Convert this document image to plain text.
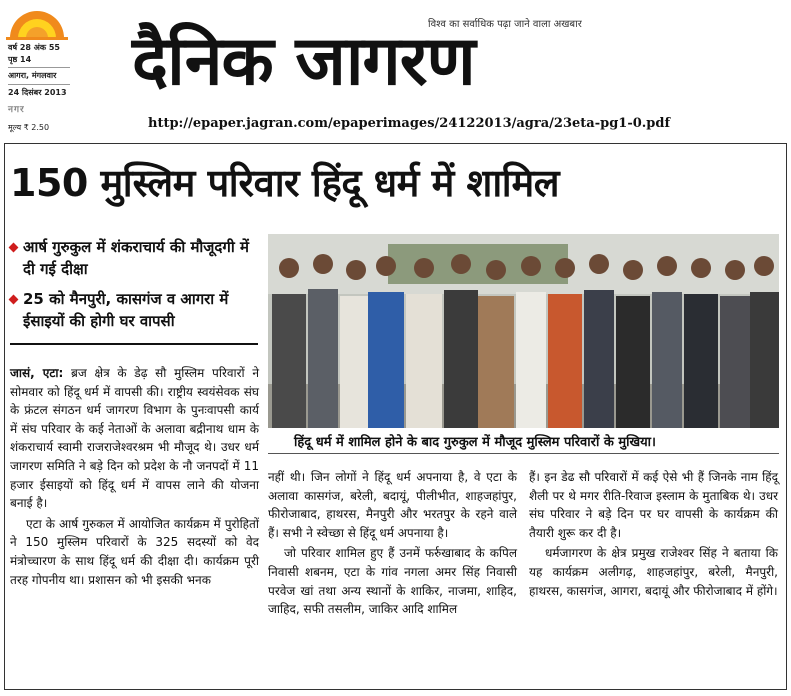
वर्ष 28 अंक 55
पृष्ठ 14
आगरा, मंगलवार
24 दिसंबर 2013
नगर
मूल्य ₹ 2.50
विश्व का सर्वाधिक पढ़ा जाने वाला अखबार
दैनिक जागरण
http://epaper.jagran.com/epaperimages/24122013/agra/23eta-pg1-0.pdf
150 मुस्लिम परिवार हिंदू धर्म में शामिल
आर्ष गुरुकुल में शंकराचार्य की मौजूदगी में दी गई दीक्षा
25 को मैनपुरी, कासगंज व आगरा में ईसाइयों की होगी घर वापसी
हिंदू धर्म में शामिल होने के बाद गुरुकुल में मौजूद मुस्लिम परिवारों के मुखिया।

जासं, एटा: ब्रज क्षेत्र के डेढ़ सौ मुस्लिम परिवारों ने सोमवार को हिंदू धर्म में वापसी की। राष्ट्रीय स्वयंसेवक संघ के फ्रंटल संगठन धर्म जागरण विभाग के पुनःवापसी कार्य में संघ परिवार के कई नेताओं के अलावा बद्रीनाथ धाम के शंकराचार्य स्वामी राजराजेश्वरश्रम भी मौजूद थे। उधर धर्म जागरण समिति ने बड़े दिन को प्रदेश के नौ जनपदों में 11 हजार ईसाइयों को हिंदू धर्म में वापस लाने की योजना बनाई है।

एटा के आर्ष गुरुकल में आयोजित कार्यक्रम में पुरोहितों ने 150 मुस्लिम परिवारों के 325 सदस्यों को वेद मंत्रोच्चारण के साथ हिंदू धर्म की दीक्षा दी। कार्यक्रम पूरी तरह गोपनीय था। प्रशासन को भी इसकी भनक

नहीं थी। जिन लोगों ने हिंदू धर्म अपनाया है, वे एटा के अलावा कासगंज, बरेली, बदायूं, पीलीभीत, शाहजहांपुर, फीरोजाबाद, हाथरस, मैनपुरी और भरतपुर के रहने वाले हैं। सभी ने स्वेच्छा से हिंदू धर्म अपनाया है।

जो परिवार शामिल हुए हैं उनमें फर्रुखाबाद के कपिल निवासी शबनम, एटा के गांव नगला अमर सिंह निवासी परवेज खां तथा अन्य स्थानों के शाकिर, नाजमा, शाहिद, जाहिद, सफी तसलीम, जाकिर आदि शामिल

हैं। इन डेढ सौ परिवारों में कई ऐसे भी हैं जिनके नाम हिंदू शैली पर थे मगर रीति-रिवाज इस्लाम के मुताबिक थे। उधर संघ परिवार ने बड़े दिन पर घर वापसी के कार्यक्रम की तैयारी शुरू कर दी है।

धर्मजागरण के क्षेत्र प्रमुख राजेश्वर सिंह ने बताया कि यह कार्यक्रम अलीगढ़, शाहजहांपुर, बरेली, मैनपुरी, हाथरस, कासगंज, आगरा, बदायूं और फीरोजाबाद में होंगे।
